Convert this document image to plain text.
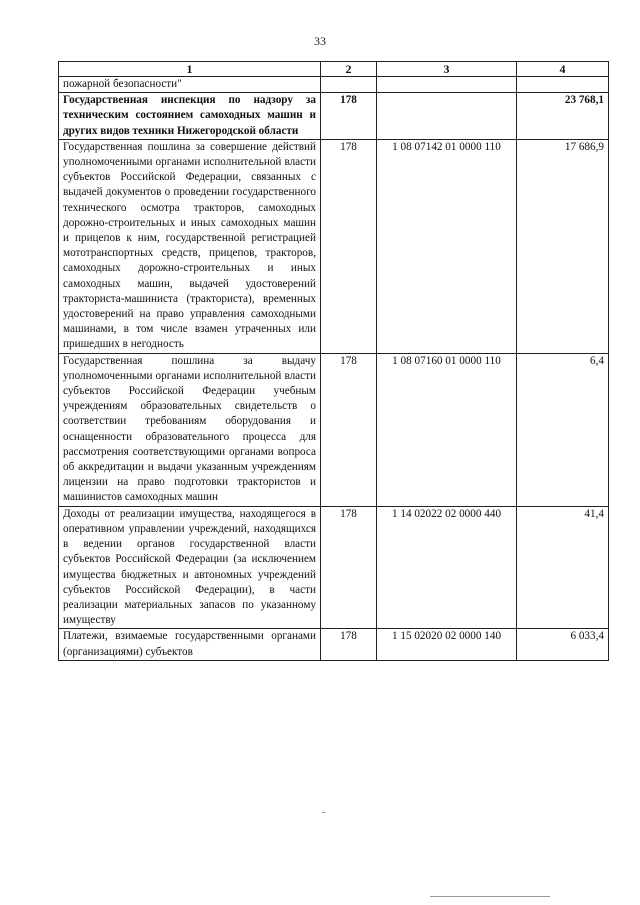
33
1	2	3	4
пожарной безопасности"			
Государственная инспекция по надзору за техническим состоянием самоходных машин и других видов техники Нижегородской области	178		23 768,1
Государственная пошлина за совершение действий уполномоченными органами исполнительной власти субъектов Российской Федерации, связанных с выдачей документов о проведении государственного технического осмотра тракторов, самоходных дорожно-строительных и иных самоходных машин и прицепов к ним, государственной регистрацией мототранспортных средств, прицепов, тракторов, самоходных дорожно-строительных и иных самоходных машин, выдачей удостоверений тракториста-машиниста (тракториста), временных удостоверений на право управления самоходными машинами, в том числе взамен утраченных или пришедших в негодность	178	1 08 07142 01 0000 110	17 686,9
Государственная пошлина за выдачу уполномоченными органами исполнительной власти субъектов Российской Федерации учебным учреждениям образовательных свидетельств о соответствии требованиям оборудования и оснащенности образовательного процесса для рассмотрения соответствующими органами вопроса об аккредитации и выдачи указанным учреждениям лицензии на право подготовки трактористов и машинистов самоходных машин	178	1 08 07160 01 0000 110	6,4
Доходы от реализации имущества, находящегося в оперативном управлении учреждений, находящихся в ведении органов государственной власти субъектов Российской Федерации (за исключением имущества бюджетных и автономных учреждений субъектов Российской Федерации), в части реализации материальных запасов по указанному имуществу	178	1 14 02022 02 0000 440	41,4
Платежи, взимаемые государственными органами (организациями) субъектов	178	1 15 02020 02 0000 140	6 033,4
